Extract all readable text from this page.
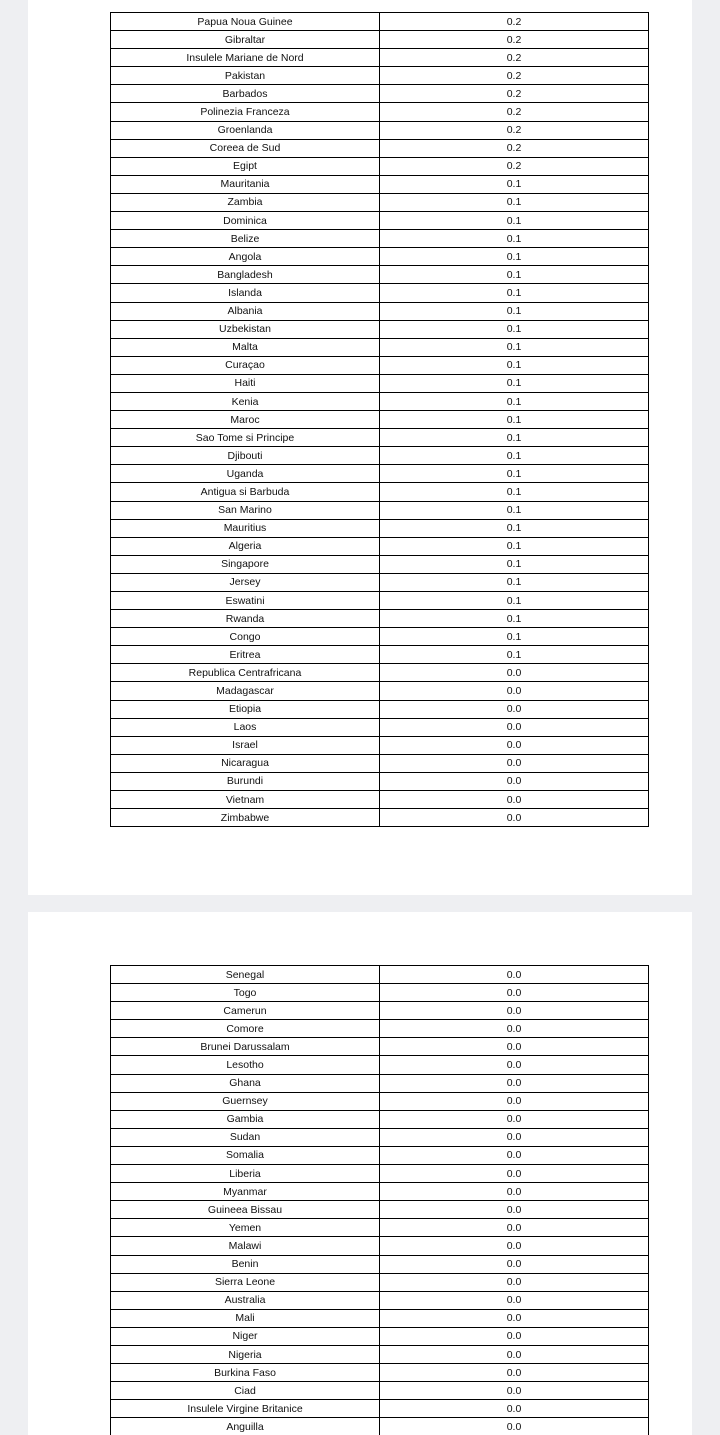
Papua Noua Guinee	0.2
Gibraltar	0.2
Insulele Mariane de Nord	0.2
Pakistan	0.2
Barbados	0.2
Polinezia Franceza	0.2
Groenlanda	0.2
Coreea de Sud	0.2
Egipt	0.2
Mauritania	0.1
Zambia	0.1
Dominica	0.1
Belize	0.1
Angola	0.1
Bangladesh	0.1
Islanda	0.1
Albania	0.1
Uzbekistan	0.1
Malta	0.1
Curaçao	0.1
Haiti	0.1
Kenia	0.1
Maroc	0.1
Sao Tome si Principe	0.1
Djibouti	0.1
Uganda	0.1
Antigua si Barbuda	0.1
San Marino	0.1
Mauritius	0.1
Algeria	0.1
Singapore	0.1
Jersey	0.1
Eswatini	0.1
Rwanda	0.1
Congo	0.1
Eritrea	0.1
Republica Centrafricana	0.0
Madagascar	0.0
Etiopia	0.0
Laos	0.0
Israel	0.0
Nicaragua	0.0
Burundi	0.0
Vietnam	0.0
Zimbabwe	0.0
Senegal	0.0
Togo	0.0
Camerun	0.0
Comore	0.0
Brunei Darussalam	0.0
Lesotho	0.0
Ghana	0.0
Guernsey	0.0
Gambia	0.0
Sudan	0.0
Somalia	0.0
Liberia	0.0
Myanmar	0.0
Guineea Bissau	0.0
Yemen	0.0
Malawi	0.0
Benin	0.0
Sierra Leone	0.0
Australia	0.0
Mali	0.0
Niger	0.0
Nigeria	0.0
Burkina Faso	0.0
Ciad	0.0
Insulele Virgine Britanice	0.0
Anguilla	0.0
